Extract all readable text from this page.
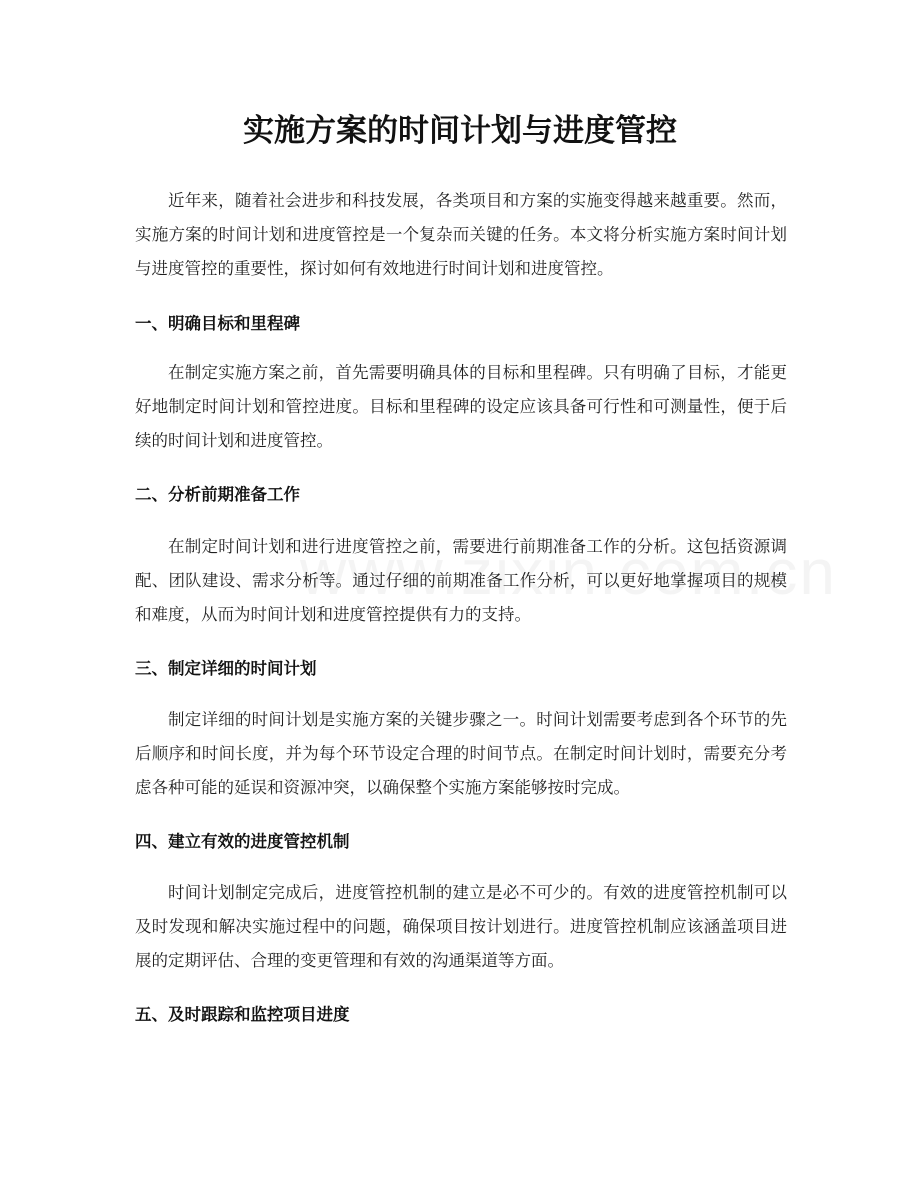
实施方案的时间计划与进度管控

近年来，随着社会进步和科技发展，各类项目和方案的实施变得越来越重要。然而，实施方案的时间计划和进度管控是一个复杂而关键的任务。本文将分析实施方案时间计划与进度管控的重要性，探讨如何有效地进行时间计划和进度管控。

一、明确目标和里程碑

在制定实施方案之前，首先需要明确具体的目标和里程碑。只有明确了目标，才能更好地制定时间计划和管控进度。目标和里程碑的设定应该具备可行性和可测量性，便于后续的时间计划和进度管控。

二、分析前期准备工作

在制定时间计划和进行进度管控之前，需要进行前期准备工作的分析。这包括资源调配、团队建设、需求分析等。通过仔细的前期准备工作分析，可以更好地掌握项目的规模和难度，从而为时间计划和进度管控提供有力的支持。

三、制定详细的时间计划

制定详细的时间计划是实施方案的关键步骤之一。时间计划需要考虑到各个环节的先后顺序和时间长度，并为每个环节设定合理的时间节点。在制定时间计划时，需要充分考虑各种可能的延误和资源冲突，以确保整个实施方案能够按时完成。

四、建立有效的进度管控机制

时间计划制定完成后，进度管控机制的建立是必不可少的。有效的进度管控机制可以及时发现和解决实施过程中的问题，确保项目按计划进行。进度管控机制应该涵盖项目进展的定期评估、合理的变更管理和有效的沟通渠道等方面。

五、及时跟踪和监控项目进度
